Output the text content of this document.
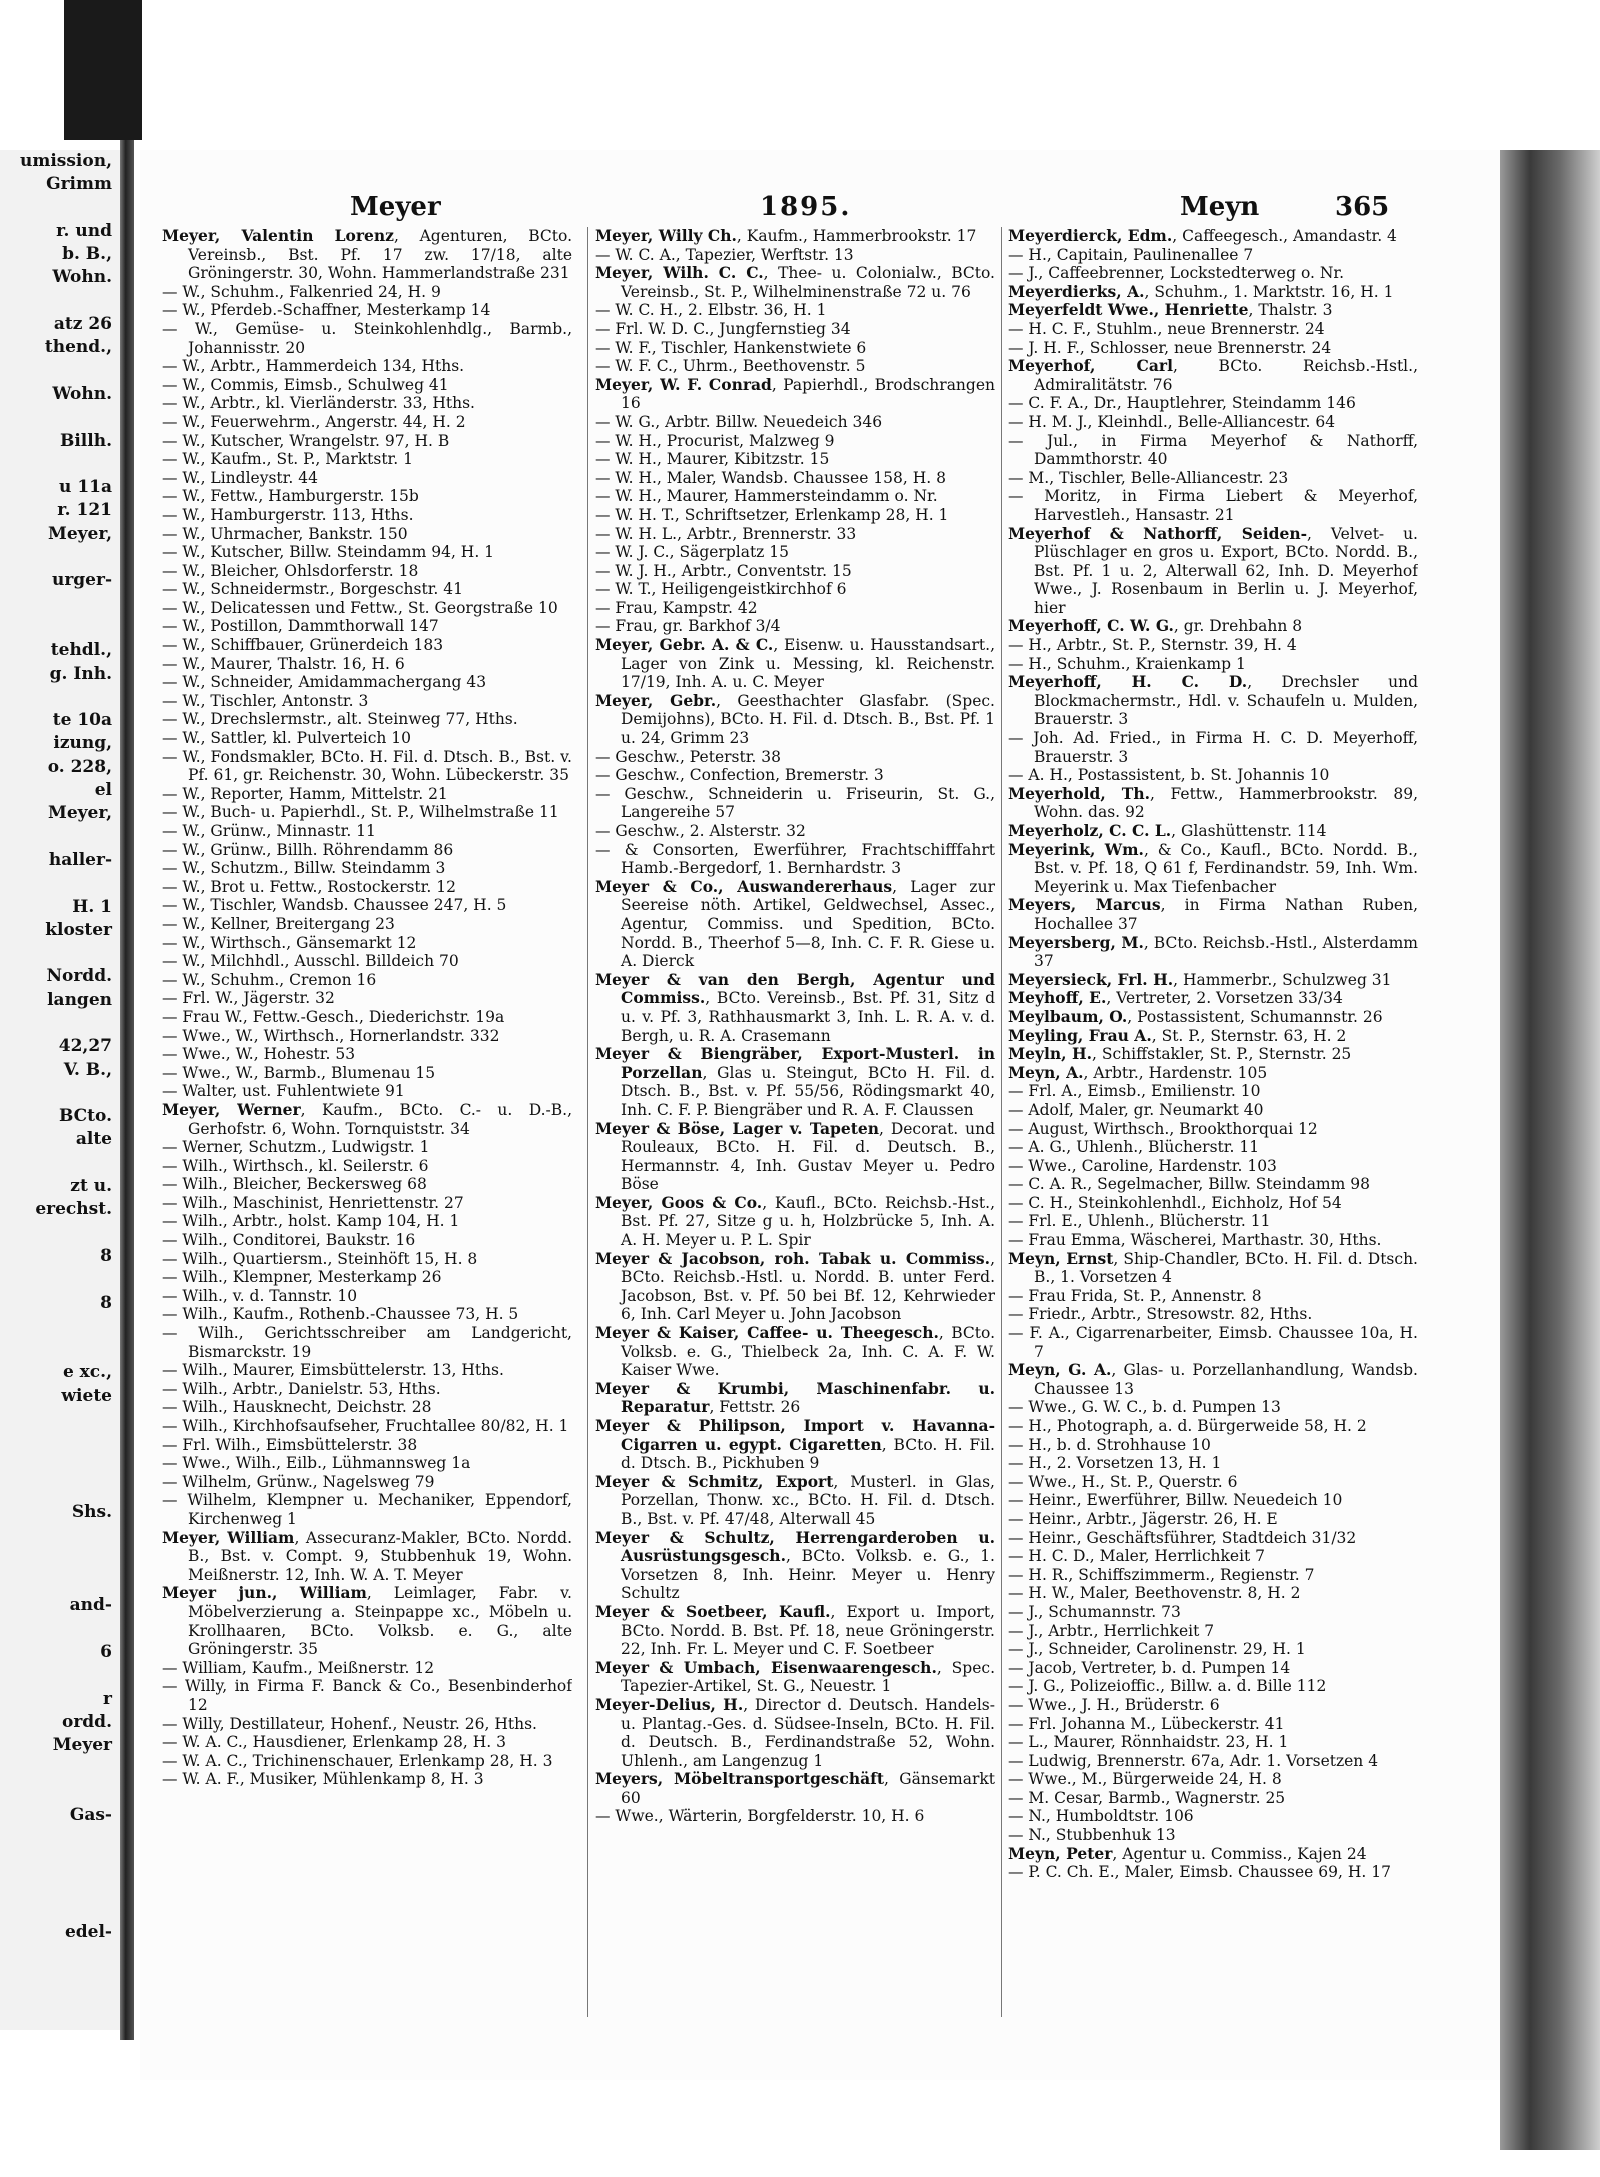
umission,
Grimm

r. und
b. B.,
Wohn.

atz 26
thend.,

Wohn.

Billh.

u 11a
r. 121
Meyer,

urger-

tehdl.,
g. Inh.

te 10a
izung,
o. 228,
el
Meyer,

haller-

H. 1
kloster

Nordd.
langen

42,27
V. B.,

BCto.
alte

zt u.
erechst.

8

8

e xc.,
wiete

Shs.

and-

6

r
ordd.
Meyer

Gas-

edel-
Meyer	1895.	Meyn	365

Meyer, Valentin Lorenz, Agenturen, BCto. Vereinsb., Bst. Pf. 17 zw. 17/18, alte Gröningerstr. 30, Wohn. Hammerlandstraße 231

— W., Schuhm., Falkenried 24, H. 9

— W., Pferdeb.-Schaffner, Mesterkamp 14

— W., Gemüse- u. Steinkohlenhdlg., Barmb., Johannisstr. 20

— W., Arbtr., Hammerdeich 134, Hths.

— W., Commis, Eimsb., Schulweg 41

— W., Arbtr., kl. Vierländerstr. 33, Hths.

— W., Feuerwehrm., Angerstr. 44, H. 2

— W., Kutscher, Wrangelstr. 97, H. B

— W., Kaufm., St. P., Marktstr. 1

— W., Lindleystr. 44

— W., Fettw., Hamburgerstr. 15b

— W., Hamburgerstr. 113, Hths.

— W., Uhrmacher, Bankstr. 150

— W., Kutscher, Billw. Steindamm 94, H. 1

— W., Bleicher, Ohlsdorferstr. 18

— W., Schneidermstr., Borgeschstr. 41

— W., Delicatessen und Fettw., St. Georgstraße 10

— W., Postillon, Dammthorwall 147

— W., Schiffbauer, Grünerdeich 183

— W., Maurer, Thalstr. 16, H. 6

— W., Schneider, Amidammachergang 43

— W., Tischler, Antonstr. 3

— W., Drechslermstr., alt. Steinweg 77, Hths.

— W., Sattler, kl. Pulverteich 10

— W., Fondsmakler, BCto. H. Fil. d. Dtsch. B., Bst. v. Pf. 61, gr. Reichenstr. 30, Wohn. Lübeckerstr. 35

— W., Reporter, Hamm, Mittelstr. 21

— W., Buch- u. Papierhdl., St. P., Wilhelmstraße 11

— W., Grünw., Minnastr. 11

— W., Grünw., Billh. Röhrendamm 86

— W., Schutzm., Billw. Steindamm 3

— W., Brot u. Fettw., Rostockerstr. 12

— W., Tischler, Wandsb. Chaussee 247, H. 5

— W., Kellner, Breitergang 23

— W., Wirthsch., Gänsemarkt 12

— W., Milchhdl., Ausschl. Billdeich 70

— W., Schuhm., Cremon 16

— Frl. W., Jägerstr. 32

— Frau W., Fettw.-Gesch., Diederichstr. 19a

— Wwe., W., Wirthsch., Hornerlandstr. 332

— Wwe., W., Hohestr. 53

— Wwe., W., Barmb., Blumenau 15

— Walter, ust. Fuhlentwiete 91

Meyer, Werner, Kaufm., BCto. C.- u. D.-B., Gerhofstr. 6, Wohn. Tornquiststr. 34

— Werner, Schutzm., Ludwigstr. 1

— Wilh., Wirthsch., kl. Seilerstr. 6

— Wilh., Bleicher, Beckersweg 68

— Wilh., Maschinist, Henriettenstr. 27

— Wilh., Arbtr., holst. Kamp 104, H. 1

— Wilh., Conditorei, Baukstr. 16

— Wilh., Quartiersm., Steinhöft 15, H. 8

— Wilh., Klempner, Mesterkamp 26

— Wilh., v. d. Tannstr. 10

— Wilh., Kaufm., Rothenb.-Chaussee 73, H. 5

— Wilh., Gerichtsschreiber am Landgericht, Bismarckstr. 19

— Wilh., Maurer, Eimsbüttelerstr. 13, Hths.

— Wilh., Arbtr., Danielstr. 53, Hths.

— Wilh., Hausknecht, Deichstr. 28

— Wilh., Kirchhofsaufseher, Fruchtallee 80/82, H. 1

— Frl. Wilh., Eimsbüttelerstr. 38

— Wwe., Wilh., Eilb., Lühmannsweg 1a

— Wilhelm, Grünw., Nagelsweg 79

— Wilhelm, Klempner u. Mechaniker, Eppendorf, Kirchenweg 1

Meyer, William, Assecuranz-Makler, BCto. Nordd. B., Bst. v. Compt. 9, Stubbenhuk 19, Wohn. Meißnerstr. 12, Inh. W. A. T. Meyer

Meyer jun., William, Leimlager, Fabr. v. Möbelverzierung a. Steinpappe xc., Möbeln u. Krollhaaren, BCto. Volksb. e. G., alte Gröningerstr. 35

— William, Kaufm., Meißnerstr. 12

— Willy, in Firma F. Banck & Co., Besenbinderhof 12

— Willy, Destillateur, Hohenf., Neustr. 26, Hths.

— W. A. C., Hausdiener, Erlenkamp 28, H. 3

— W. A. C., Trichinenschauer, Erlenkamp 28, H. 3

— W. A. F., Musiker, Mühlenkamp 8, H. 3

Meyer, Willy Ch., Kaufm., Hammerbrookstr. 17

— W. C. A., Tapezier, Werftstr. 13

Meyer, Wilh. C. C., Thee- u. Colonialw., BCto. Vereinsb., St. P., Wilhelminenstraße 72 u. 76

— W. C. H., 2. Elbstr. 36, H. 1

— Frl. W. D. C., Jungfernstieg 34

— W. F., Tischler, Hankenstwiete 6

— W. F. C., Uhrm., Beethovenstr. 5

Meyer, W. F. Conrad, Papierhdl., Brodschrangen 16

— W. G., Arbtr. Billw. Neuedeich 346

— W. H., Procurist, Malzweg 9

— W. H., Maurer, Kibitzstr. 15

— W. H., Maler, Wandsb. Chaussee 158, H. 8

— W. H., Maurer, Hammersteindamm o. Nr.

— W. H. T., Schriftsetzer, Erlenkamp 28, H. 1

— W. H. L., Arbtr., Brennerstr. 33

— W. J. C., Sägerplatz 15

— W. J. H., Arbtr., Conventstr. 15

— W. T., Heiligengeistkirchhof 6

— Frau, Kampstr. 42

— Frau, gr. Barkhof 3/4

Meyer, Gebr. A. & C., Eisenw. u. Hausstandsart., Lager von Zink u. Messing, kl. Reichenstr. 17/19, Inh. A. u. C. Meyer

Meyer, Gebr., Geesthachter Glasfabr. (Spec. Demijohns), BCto. H. Fil. d. Dtsch. B., Bst. Pf. 1 u. 24, Grimm 23

— Geschw., Peterstr. 38

— Geschw., Confection, Bremerstr. 3

— Geschw., Schneiderin u. Friseurin, St. G., Langereihe 57

— Geschw., 2. Alsterstr. 32

— & Consorten, Ewerführer, Frachtschifffahrt Hamb.-Bergedorf, 1. Bernhardstr. 3

Meyer & Co., Auswandererhaus, Lager zur Seereise nöth. Artikel, Geldwechsel, Assec., Agentur, Commiss. und Spedition, BCto. Nordd. B., Theerhof 5—8, Inh. C. F. R. Giese u. A. Dierck

Meyer & van den Bergh, Agentur und Commiss., BCto. Vereinsb., Bst. Pf. 31, Sitz d u. v. Pf. 3, Rathhausmarkt 3, Inh. L. R. A. v. d. Bergh, u. R. A. Crasemann

Meyer & Biengräber, Export-Musterl. in Porzellan, Glas u. Steingut, BCto H. Fil. d. Dtsch. B., Bst. v. Pf. 55/56, Rödingsmarkt 40, Inh. C. F. P. Biengräber und R. A. F. Claussen

Meyer & Böse, Lager v. Tapeten, Decorat. und Rouleaux, BCto. H. Fil. d. Deutsch. B., Hermannstr. 4, Inh. Gustav Meyer u. Pedro Böse

Meyer, Goos & Co., Kaufl., BCto. Reichsb.-Hst., Bst. Pf. 27, Sitze g u. h, Holzbrücke 5, Inh. A. A. H. Meyer u. P. L. Spir

Meyer & Jacobson, roh. Tabak u. Commiss., BCto. Reichsb.-Hstl. u. Nordd. B. unter Ferd. Jacobson, Bst. v. Pf. 50 bei Bf. 12, Kehrwieder 6, Inh. Carl Meyer u. John Jacobson

Meyer & Kaiser, Caffee- u. Theegesch., BCto. Volksb. e. G., Thielbeck 2a, Inh. C. A. F. W. Kaiser Wwe.

Meyer & Krumbi, Maschinenfabr. u. Reparatur, Fettstr. 26

Meyer & Philipson, Import v. Havanna-Cigarren u. egypt. Cigaretten, BCto. H. Fil. d. Dtsch. B., Pickhuben 9

Meyer & Schmitz, Export, Musterl. in Glas, Porzellan, Thonw. xc., BCto. H. Fil. d. Dtsch. B., Bst. v. Pf. 47/48, Alterwall 45

Meyer & Schultz, Herrengarderoben u. Ausrüstungsgesch., BCto. Volksb. e. G., 1. Vorsetzen 8, Inh. Heinr. Meyer u. Henry Schultz

Meyer & Soetbeer, Kaufl., Export u. Import, BCto. Nordd. B. Bst. Pf. 18, neue Gröningerstr. 22, Inh. Fr. L. Meyer und C. F. Soetbeer

Meyer & Umbach, Eisenwaarengesch., Spec. Tapezier-Artikel, St. G., Neuestr. 1

Meyer-Delius, H., Director d. Deutsch. Handels- u. Plantag.-Ges. d. Südsee-Inseln, BCto. H. Fil. d. Deutsch. B., Ferdinandstraße 52, Wohn. Uhlenh., am Langenzug 1

Meyers, Möbeltransportgeschäft, Gänsemarkt 60

— Wwe., Wärterin, Borgfelderstr. 10, H. 6

Meyerdierck, Edm., Caffeegesch., Amandastr. 4

— H., Capitain, Paulinenallee 7

— J., Caffeebrenner, Lockstedterweg o. Nr.

Meyerdierks, A., Schuhm., 1. Marktstr. 16, H. 1

Meyerfeldt Wwe., Henriette, Thalstr. 3

— H. C. F., Stuhlm., neue Brennerstr. 24

— J. H. F., Schlosser, neue Brennerstr. 24

Meyerhof, Carl, BCto. Reichsb.-Hstl., Admiralitätstr. 76

— C. F. A., Dr., Hauptlehrer, Steindamm 146

— H. M. J., Kleinhdl., Belle-Alliancestr. 64

— Jul., in Firma Meyerhof & Nathorff, Dammthorstr. 40

— M., Tischler, Belle-Alliancestr. 23

— Moritz, in Firma Liebert & Meyerhof, Harvestleh., Hansastr. 21

Meyerhof & Nathorff, Seiden-, Velvet- u. Plüschlager en gros u. Export, BCto. Nordd. B., Bst. Pf. 1 u. 2, Alterwall 62, Inh. D. Meyerhof Wwe., J. Rosenbaum in Berlin u. J. Meyerhof, hier

Meyerhoff, C. W. G., gr. Drehbahn 8

— H., Arbtr., St. P., Sternstr. 39, H. 4

— H., Schuhm., Kraienkamp 1

Meyerhoff, H. C. D., Drechsler und Blockmachermstr., Hdl. v. Schaufeln u. Mulden, Brauerstr. 3

— Joh. Ad. Fried., in Firma H. C. D. Meyerhoff, Brauerstr. 3

— A. H., Postassistent, b. St. Johannis 10

Meyerhold, Th., Fettw., Hammerbrookstr. 89, Wohn. das. 92

Meyerholz, C. C. L., Glashüttenstr. 114

Meyerink, Wm., & Co., Kaufl., BCto. Nordd. B., Bst. v. Pf. 18, Q 61 f, Ferdinandstr. 59, Inh. Wm. Meyerink u. Max Tiefenbacher

Meyers, Marcus, in Firma Nathan Ruben, Hochallee 37

Meyersberg, M., BCto. Reichsb.-Hstl., Alsterdamm 37

Meyersieck, Frl. H., Hammerbr., Schulzweg 31

Meyhoff, E., Vertreter, 2. Vorsetzen 33/34

Meylbaum, O., Postassistent, Schumannstr. 26

Meyling, Frau A., St. P., Sternstr. 63, H. 2

Meyln, H., Schiffstakler, St. P., Sternstr. 25

Meyn, A., Arbtr., Hardenstr. 105

— Frl. A., Eimsb., Emilienstr. 10

— Adolf, Maler, gr. Neumarkt 40

— August, Wirthsch., Brookthorquai 12

— A. G., Uhlenh., Blücherstr. 11

— Wwe., Caroline, Hardenstr. 103

— C. A. R., Segelmacher, Billw. Steindamm 98

— C. H., Steinkohlenhdl., Eichholz, Hof 54

— Frl. E., Uhlenh., Blücherstr. 11

— Frau Emma, Wäscherei, Marthastr. 30, Hths.

Meyn, Ernst, Ship-Chandler, BCto. H. Fil. d. Dtsch. B., 1. Vorsetzen 4

— Frau Frida, St. P., Annenstr. 8

— Friedr., Arbtr., Stresowstr. 82, Hths.

— F. A., Cigarrenarbeiter, Eimsb. Chaussee 10a, H. 7

Meyn, G. A., Glas- u. Porzellanhandlung, Wandsb. Chaussee 13

— Wwe., G. W. C., b. d. Pumpen 13

— H., Photograph, a. d. Bürgerweide 58, H. 2

— H., b. d. Strohhause 10

— H., 2. Vorsetzen 13, H. 1

— Wwe., H., St. P., Querstr. 6

— Heinr., Ewerführer, Billw. Neuedeich 10

— Heinr., Arbtr., Jägerstr. 26, H. E

— Heinr., Geschäftsführer, Stadtdeich 31/32

— H. C. D., Maler, Herrlichkeit 7

— H. R., Schiffszimmerm., Regienstr. 7

— H. W., Maler, Beethovenstr. 8, H. 2

— J., Schumannstr. 73

— J., Arbtr., Herrlichkeit 7

— J., Schneider, Carolinenstr. 29, H. 1

— Jacob, Vertreter, b. d. Pumpen 14

— J. G., Polizeioffic., Billw. a. d. Bille 112

— Wwe., J. H., Brüderstr. 6

— Frl. Johanna M., Lübeckerstr. 41

— L., Maurer, Rönnhaidstr. 23, H. 1

— Ludwig, Brennerstr. 67a, Adr. 1. Vorsetzen 4

— Wwe., M., Bürgerweide 24, H. 8

— M. Cesar, Barmb., Wagnerstr. 25

— N., Humboldtstr. 106

— N., Stubbenhuk 13

Meyn, Peter, Agentur u. Commiss., Kajen 24

— P. C. Ch. E., Maler, Eimsb. Chaussee 69, H. 17
